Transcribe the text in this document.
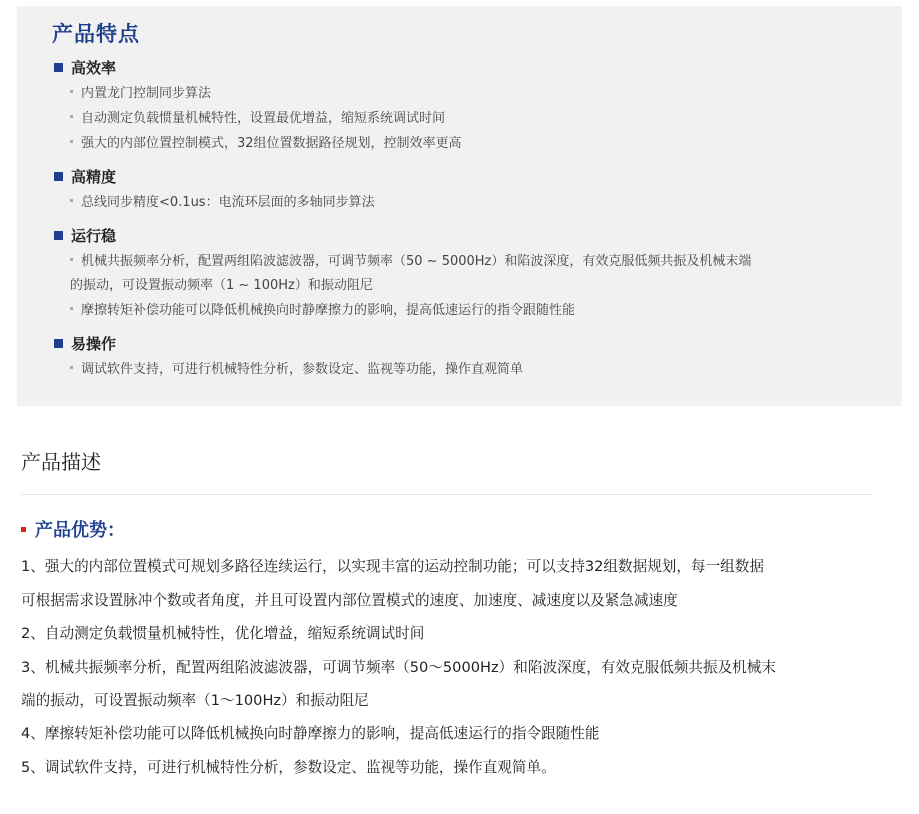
产品特点
高效率
内置龙门控制同步算法
自动测定负载惯量机械特性，设置最优增益，缩短系统调试时间
强大的内部位置控制模式，32组位置数据路径规划，控制效率更高
高精度
总线同步精度<0.1us：电流环层面的多轴同步算法
运行稳
机械共振频率分析，配置两组陷波滤波器，可调节频率（50 ~ 5000Hz）和陷波深度，有效克服低频共振及机械末端
的振动，可设置振动频率（1 ~ 100Hz）和振动阻尼
摩擦转矩补偿功能可以降低机械换向时静摩擦力的影响，提高低速运行的指令跟随性能
易操作
调试软件支持，可进行机械特性分析，参数设定、监视等功能，操作直观简单
产品描述
产品优势：
1、强大的内部位置模式可规划多路径连续运行，以实现丰富的运动控制功能；可以支持32组数据规划，每一组数据
可根据需求设置脉冲个数或者角度，并且可设置内部位置模式的速度、加速度、减速度以及紧急减速度
2、自动测定负载惯量机械特性，优化增益，缩短系统调试时间
3、机械共振频率分析，配置两组陷波滤波器，可调节频率（50～5000Hz）和陷波深度，有效克服低频共振及机械末
端的振动，可设置振动频率（1～100Hz）和振动阻尼
4、摩擦转矩补偿功能可以降低机械换向时静摩擦力的影响，提高低速运行的指令跟随性能
5、调试软件支持，可进行机械特性分析，参数设定、监视等功能，操作直观简单。
